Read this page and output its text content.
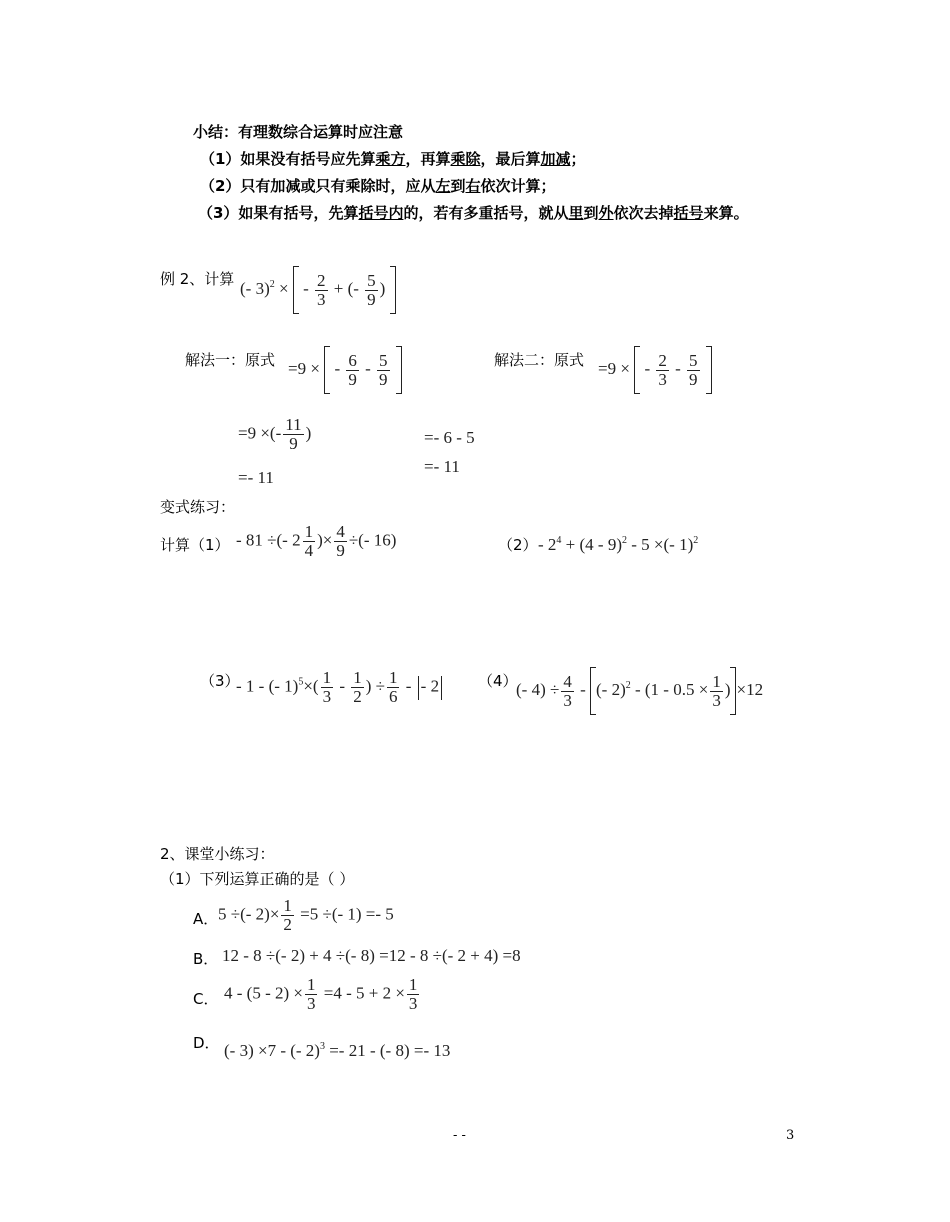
小结：有理数综合运算时应注意
（1）如果没有括号应先算乘方，再算乘除，最后算加减；
（2）只有加减或只有乘除时，应从左到右依次计算；
（3）如果有括号，先算括号内的，若有多重括号，就从里到外依次去掉括号来算。
例 2、计算 (- 3)$^2$ × - $\frac{2}{3}$ + (- $\frac{5}{9}$ )
解法一：原式 =9 × - $\frac{6}{9} - \frac{5}{9}$

=9 ×(- $\frac{11}{9}$ )
=- 11
解法二：原式 =9 × - $\frac{2}{3} - \frac{5}{9}$

=- 6 - 5
=- 11
变式练习：
计算（1） - 81 ÷(- $2 \frac{1}{4}$ )× $\frac{4}{9}$ ÷(- 16)	$(2) - 2^4 + (4 - 9)^2 - 5$ ×(- 1)$^2$
（3）
- 1 - (- $1)^5\times( \frac{1}{3} - \frac{1}{2}$ ) ÷ $\frac{1}{6}$ - - 2	（4）
(- $4) \div \frac{4}{3}$ - (- $2)^2 - (1 - 0.5 \times \frac{1}{3}$ ) ×12
2、课堂小练习：
（1）下列运算正确的是（ ）
A． 5 ÷(- $2)\times \frac{1}{2} =5$ ÷(- 1) =- 5
B． 12 - 8 ÷(- 2) + 4 ÷(- 8) =12 - 8 ÷(- 2 + 4) =8
C． $4 - (5 - 2) \times \frac{1}{3} =4 - 5 + 2 \times \frac{1}{3}$
D． (- 3) ×7 - (- 2)$^3$ =- 21 - (- 8) =- 13
- -	3
